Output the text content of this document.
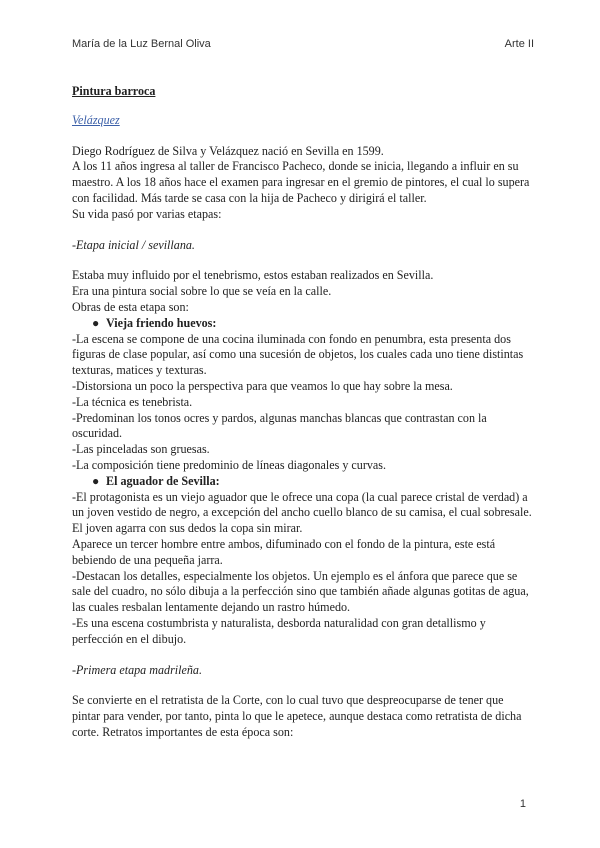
María de la Luz Bernal Oliva	Arte II

Pintura barroca

Velázquez

Diego Rodríguez de Silva y Velázquez nació en Sevilla en 1599.

A los 11 años ingresa al taller de Francisco Pacheco, donde se inicia, llegando a influir en su maestro. A los 18 años hace el examen para ingresar en el gremio de pintores, el cual lo supera con facilidad. Más tarde se casa con la hija de Pacheco y dirigirá el taller.

Su vida pasó por varias etapas:

-Etapa inicial / sevillana.

Estaba muy influido por el tenebrismo, estos estaban realizados en Sevilla.

Era una pintura social sobre lo que se veía en la calle.

Obras de esta etapa son:

● Vieja friendo huevos:

-La escena se compone de una cocina iluminada con fondo en penumbra, esta presenta dos figuras de clase popular, así como una sucesión de objetos, los cuales cada uno tiene distintas texturas, matices y texturas.

-Distorsiona un poco la perspectiva para que veamos lo que hay sobre la mesa.

-La técnica es tenebrista.

-Predominan los tonos ocres y pardos, algunas manchas blancas que contrastan con la oscuridad.

-Las pinceladas son gruesas.

-La composición tiene predominio de líneas diagonales y curvas.

● El aguador de Sevilla:

-El protagonista es un viejo aguador que le ofrece una copa (la cual parece cristal de verdad) a un joven vestido de negro, a excepción del ancho cuello blanco de su camisa, el cual sobresale. El joven agarra con sus dedos la copa sin mirar.

Aparece un tercer hombre entre ambos, difuminado con el fondo de la pintura, este está bebiendo de una pequeña jarra.

-Destacan los detalles, especialmente los objetos. Un ejemplo es el ánfora que parece que se sale del cuadro, no sólo dibuja a la perfección sino que también añade algunas gotitas de agua, las cuales resbalan lentamente dejando un rastro húmedo.

-Es una escena costumbrista y naturalista, desborda naturalidad con gran detallismo y perfección en el dibujo.

-Primera etapa madrileña.

Se convierte en el retratista de la Corte, con lo cual tuvo que despreocuparse de tener que pintar para vender, por tanto, pinta lo que le apetece, aunque destaca como retratista de dicha corte. Retratos importantes de esta época son:

1
